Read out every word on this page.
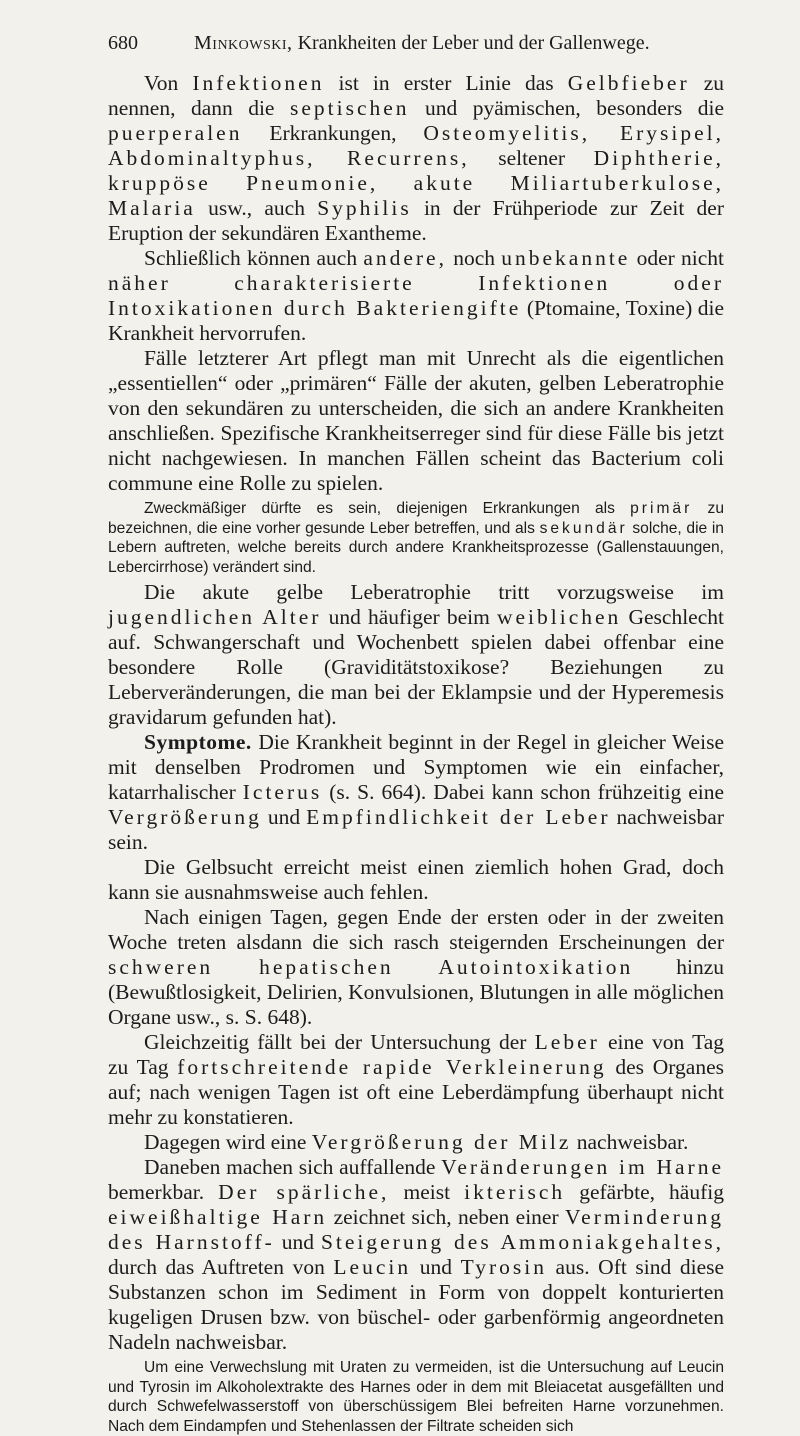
680	Minkowski, Krankheiten der Leber und der Gallenwege.

Von Infektionen ist in erster Linie das Gelbfieber zu nennen, dann die septischen und pyämischen, besonders die puerperalen Erkrankungen, Osteomyelitis, Erysipel, Abdominaltyphus, Recurrens, seltener Diphtherie, kruppöse Pneumonie, akute Miliartuberkulose, Malaria usw., auch Syphilis in der Frühperiode zur Zeit der Eruption der sekundären Exantheme.

Schließlich können auch andere, noch unbekannte oder nicht näher charakterisierte Infektionen oder Intoxikationen durch Bakteriengifte (Ptomaine, Toxine) die Krankheit hervorrufen.

Fälle letzterer Art pflegt man mit Unrecht als die eigentlichen „essentiellen“ oder „primären“ Fälle der akuten, gelben Leberatrophie von den sekundären zu unterscheiden, die sich an andere Krankheiten anschließen. Spezifische Krankheitserreger sind für diese Fälle bis jetzt nicht nachgewiesen. In manchen Fällen scheint das Bacterium coli commune eine Rolle zu spielen.

Zweckmäßiger dürfte es sein, diejenigen Erkrankungen als primär zu bezeichnen, die eine vorher gesunde Leber betreffen, und als sekundär solche, die in Lebern auftreten, welche bereits durch andere Krankheitsprozesse (Gallenstauungen, Lebercirrhose) verändert sind.

Die akute gelbe Leberatrophie tritt vorzugsweise im jugendlichen Alter und häufiger beim weiblichen Geschlecht auf. Schwangerschaft und Wochenbett spielen dabei offenbar eine besondere Rolle (Graviditätstoxikose? Beziehungen zu Leberveränderungen, die man bei der Eklampsie und der Hyperemesis gravidarum gefunden hat).

Symptome. Die Krankheit beginnt in der Regel in gleicher Weise mit denselben Prodromen und Symptomen wie ein einfacher, katarrhalischer Icterus (s. S. 664). Dabei kann schon frühzeitig eine Vergrößerung und Empfindlichkeit der Leber nachweisbar sein.

Die Gelbsucht erreicht meist einen ziemlich hohen Grad, doch kann sie ausnahmsweise auch fehlen.

Nach einigen Tagen, gegen Ende der ersten oder in der zweiten Woche treten alsdann die sich rasch steigernden Erscheinungen der schweren hepatischen Autointoxikation hinzu (Bewußtlosigkeit, Delirien, Konvulsionen, Blutungen in alle möglichen Organe usw., s. S. 648).

Gleichzeitig fällt bei der Untersuchung der Leber eine von Tag zu Tag fortschreitende rapide Verkleinerung des Organes auf; nach wenigen Tagen ist oft eine Leberdämpfung überhaupt nicht mehr zu konstatieren.

Dagegen wird eine Vergrößerung der Milz nachweisbar.

Daneben machen sich auffallende Veränderungen im Harne bemerkbar. Der spärliche, meist ikterisch gefärbte, häufig eiweißhaltige Harn zeichnet sich, neben einer Verminderung des Harnstoff- und Steigerung des Ammoniakgehaltes, durch das Auftreten von Leucin und Tyrosin aus. Oft sind diese Substanzen schon im Sediment in Form von doppelt konturierten kugeligen Drusen bzw. von büschel- oder garbenförmig angeordneten Nadeln nachweisbar.

Um eine Verwechslung mit Uraten zu vermeiden, ist die Untersuchung auf Leucin und Tyrosin im Alkoholextrakte des Harnes oder in dem mit Bleiacetat ausgefällten und durch Schwefelwasserstoff von überschüssigem Blei befreiten Harne vorzunehmen. Nach dem Eindampfen und Stehenlassen der Filtrate scheiden sich
